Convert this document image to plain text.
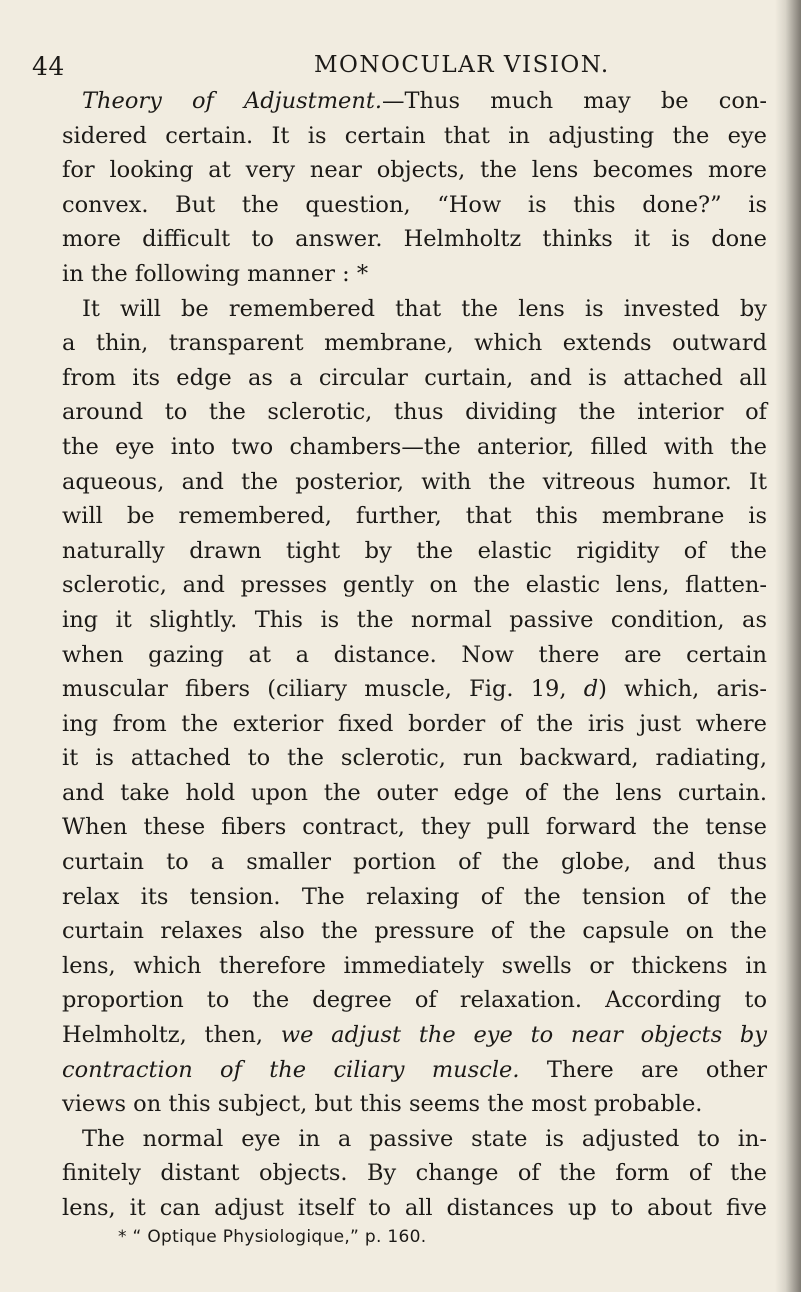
44	MONOCULAR VISION.
Theory of Adjustment.—Thus much may be con-
sidered certain. It is certain that in adjusting the eye
for looking at very near objects, the lens becomes more
convex. But the question, “How is this done?” is
more difficult to answer. Helmholtz thinks it is done
in the following manner : *
It will be remembered that the lens is invested by
a thin, transparent membrane, which extends outward
from its edge as a circular curtain, and is attached all
around to the sclerotic, thus dividing the interior of
the eye into two chambers—the anterior, filled with the
aqueous, and the posterior, with the vitreous humor. It
will be remembered, further, that this membrane is
naturally drawn tight by the elastic rigidity of the
sclerotic, and presses gently on the elastic lens, flatten-
ing it slightly. This is the normal passive condition, as
when gazing at a distance. Now there are certain
muscular fibers (ciliary muscle, Fig. 19, d) which, aris-
ing from the exterior fixed border of the iris just where
it is attached to the sclerotic, run backward, radiating,
and take hold upon the outer edge of the lens curtain.
When these fibers contract, they pull forward the tense
curtain to a smaller portion of the globe, and thus
relax its tension. The relaxing of the tension of the
curtain relaxes also the pressure of the capsule on the
lens, which therefore immediately swells or thickens in
proportion to the degree of relaxation. According to
Helmholtz, then, we adjust the eye to near objects by
contraction of the ciliary muscle. There are other
views on this subject, but this seems the most probable.
The normal eye in a passive state is adjusted to in-
finitely distant objects. By change of the form of the
lens, it can adjust itself to all distances up to about five
* “ Optique Physiologique,” p. 160.
